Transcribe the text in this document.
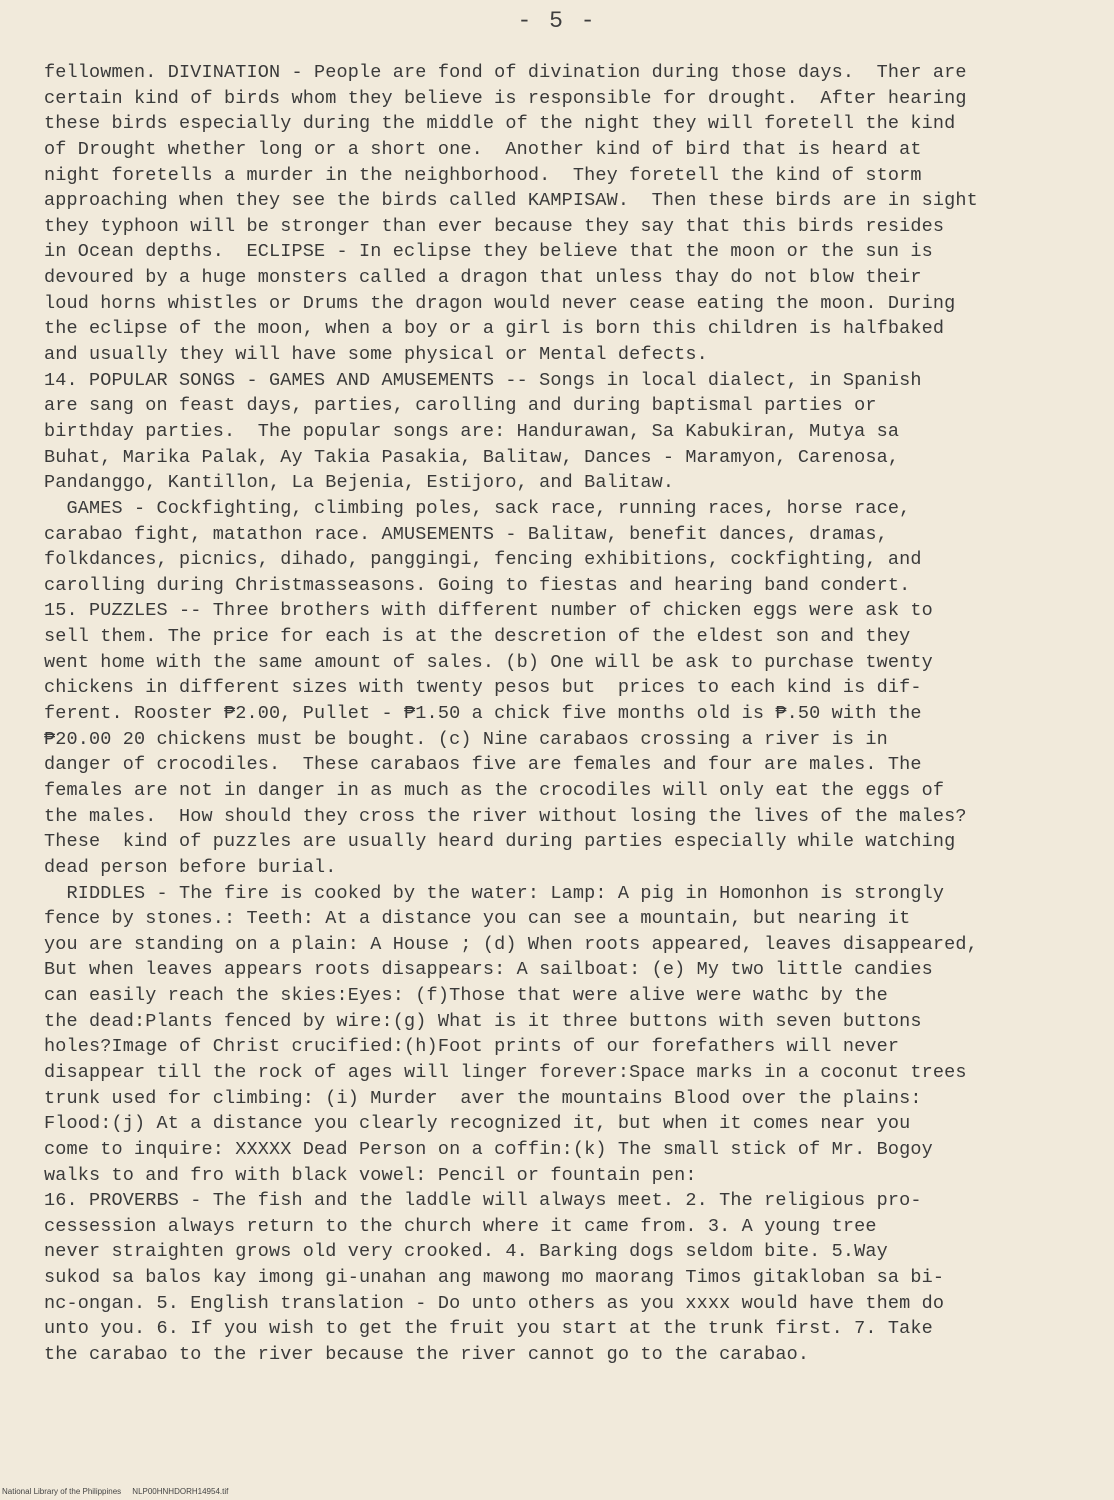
- 5 -
fellowmen. DIVINATION - People are fond of divination during those days.  Ther are
certain kind of birds whom they believe is responsible for drought.  After hearing
these birds especially during the middle of the night they will foretell the kind
of Drought whether long or a short one.  Another kind of bird that is heard at
night foretells a murder in the neighborhood.  They foretell the kind of storm
approaching when they see the birds called KAMPISAW.  Then these birds are in sight
they typhoon will be stronger than ever because they say that this birds resides
in Ocean depths.  ECLIPSE - In eclipse they believe that the moon or the sun is
devoured by a huge monsters called a dragon that unless thay do not blow their
loud horns whistles or Drums the dragon would never cease eating the moon. During
the eclipse of the moon, when a boy or a girl is born this children is halfbaked
and usually they will have some physical or Mental defects.
14. POPULAR SONGS - GAMES AND AMUSEMENTS -- Songs in local dialect, in Spanish
are sang on feast days, parties, carolling and during baptismal parties or
birthday parties.  The popular songs are: Handurawan, Sa Kabukiran, Mutya sa
Buhat, Marika Palak, Ay Takia Pasakia, Balitaw, Dances - Maramyon, Carenosa,
Pandanggo, Kantillon, La Bejenia, Estijoro, and Balitaw.
GAMES - Cockfighting, climbing poles, sack race, running races, horse race,
carabao fight, matathon race. AMUSEMENTS - Balitaw, benefit dances, dramas,
folkdances, picnics, dihado, panggingi, fencing exhibitions, cockfighting, and
carolling during Christmasseasons. Going to fiestas and hearing band condert.
15. PUZZLES -- Three brothers with different number of chicken eggs were ask to
sell them. The price for each is at the descretion of the eldest son and they
went home with the same amount of sales. (b) One will be ask to purchase twenty
chickens in different sizes with twenty pesos but  prices to each kind is dif-
ferent. Rooster ₱2.00, Pullet - ₱1.50 a chick five months old is ₱.50 with the
₱20.00 20 chickens must be bought. (c) Nine carabaos crossing a river is in
danger of crocodiles.  These carabaos five are females and four are males. The
females are not in danger in as much as the crocodiles will only eat the eggs of
the males.  How should they cross the river without losing the lives of the males?
These  kind of puzzles are usually heard during parties especially while watching
dead person before burial.
RIDDLES - The fire is cooked by the water: Lamp: A pig in Homonhon is strongly
fence by stones.: Teeth: At a distance you can see a mountain, but nearing it
you are standing on a plain: A House ; (d) When roots appeared, leaves disappeared,
But when leaves appears roots disappears: A sailboat: (e) My two little candies
can easily reach the skies:Eyes: (f)Those that were alive were wathc by the
the dead:Plants fenced by wire:(g) What is it three buttons with seven buttons
holes?Image of Christ crucified:(h)Foot prints of our forefathers will never
disappear till the rock of ages will linger forever:Space marks in a coconut trees
trunk used for climbing: (i) Murder  aver the mountains Blood over the plains:
Flood:(j) At a distance you clearly recognized it, but when it comes near you
come to inquire: XXXXX Dead Person on a coffin:(k) The small stick of Mr. Bogoy
walks to and fro with black vowel: Pencil or fountain pen:
16. PROVERBS - The fish and the laddle will always meet. 2. The religious pro-
cessession always return to the church where it came from. 3. A young tree
never straighten grows old very crooked. 4. Barking dogs seldom bite. 5.Way
sukod sa balos kay imong gi-unahan ang mawong mo maorang Timos gitakloban sa bi-
nc-ongan. 5. English translation - Do unto others as you xxxx would have them do
unto you. 6. If you wish to get the fruit you start at the trunk first. 7. Take
the carabao to the river because the river cannot go to the carabao.
National Library of the Philippines     NLP00HNHDORH14954.tif
